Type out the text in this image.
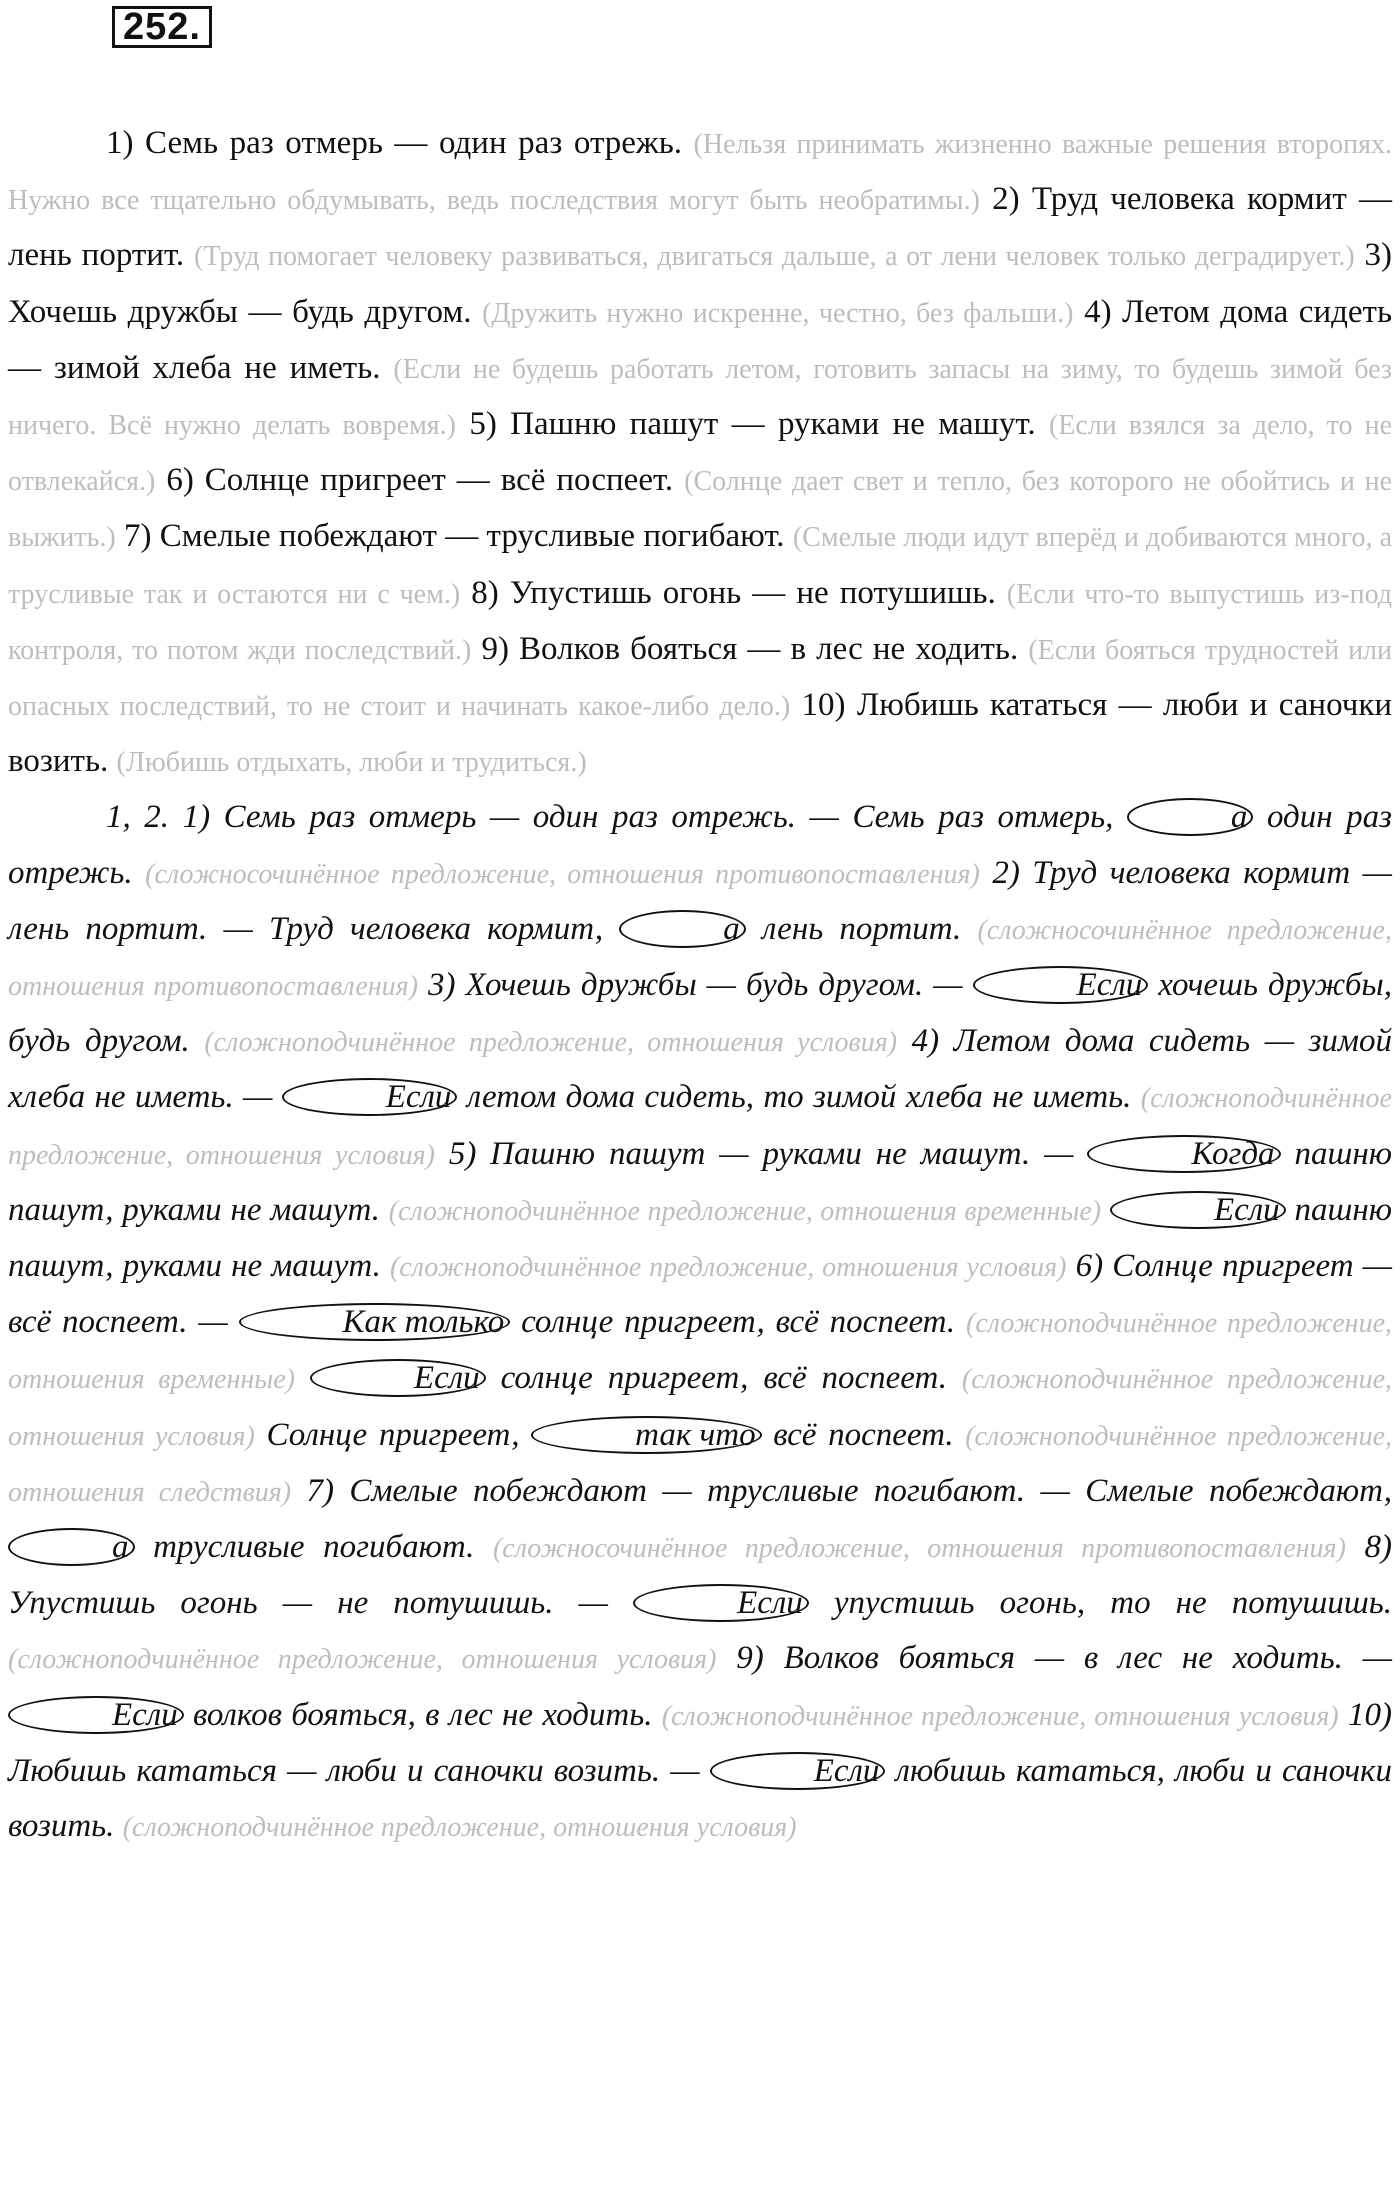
252.

1) Семь раз отмерь — один раз отрежь. (Нельзя принимать жизненно важные решения второпях. Нужно все тщательно обдумывать, ведь последствия могут быть необратимы.) 2) Труд человека кормит — лень портит. (Труд помогает человеку развиваться, двигаться дальше, а от лени человек только деградирует.) 3) Хочешь дружбы — будь другом. (Дружить нужно искренне, честно, без фальши.) 4) Летом дома сидеть — зимой хлеба не иметь. (Если не будешь работать летом, готовить запасы на зиму, то будешь зимой без ничего. Всё нужно делать вовремя.) 5) Пашню пашут — руками не машут. (Если взялся за дело, то не отвлекайся.) 6) Солнце пригреет — всё поспеет. (Солнце дает свет и тепло, без которого не обойтись и не выжить.) 7) Смелые побеждают — трусливые погибают. (Смелые люди идут вперёд и добиваются много, а трусливые так и остаются ни с чем.) 8) Упустишь огонь — не потушишь. (Если что-то выпустишь из-под контроля, то потом жди последствий.) 9) Волков бояться — в лес не ходить. (Если бояться трудностей или опасных последствий, то не стоит и начинать какое-либо дело.) 10) Любишь кататься — люби и саночки возить. (Любишь отдыхать, люби и трудиться.)

1, 2. 1) Семь раз отмерь — один раз отрежь. — Семь раз отмерь,	а один раз отрежь. (сложносочинённое предложение, отношения противопоставления) 2) Труд человека кормит — лень портит. — Труд человека кормит,	а лень портит. (сложносочинённое предложение, отношения противопоставления) 3) Хочешь дружбы — будь другом. —	Если хочешь дружбы, будь другом. (сложноподчинённое предложение, отношения условия) 4) Летом дома сидеть — зимой хлеба не иметь. —	Если летом дома сидеть, то зимой хлеба не иметь. (сложноподчинённое предложение, отношения условия) 5) Пашню пашут — руками не машут. —	Когда пашню пашут, руками не машут. (сложноподчинённое предложение, отношения временные)	Если пашню пашут, руками не машут. (сложноподчинённое предложение, отношения условия) 6) Солнце пригреет — всё поспеет. —	Как только солнце пригреет, всё поспеет. (сложноподчинённое предложение, отношения временные)	Если солнце пригреет, всё поспеет. (сложноподчинённое предложение, отношения условия) Солнце пригреет,	так что всё поспеет. (сложноподчинённое предложение, отношения следствия) 7) Смелые побеждают — трусливые погибают. — Смелые побеждают, а трусливые погибают. (сложносочинённое предложение, отношения противопоставления) 8) Упустишь огонь — не потушишь. —	Если упустишь огонь, то не потушишь. (сложноподчинённое предложение, отношения условия) 9) Волков бояться — в лес не ходить. — Если волков бояться, в лес не ходить. (сложноподчинённое предложение, отношения условия) 10) Любишь кататься — люби и саночки возить. —	Если любишь кататься, люби и саночки возить. (сложноподчинённое предложение, отношения условия)
